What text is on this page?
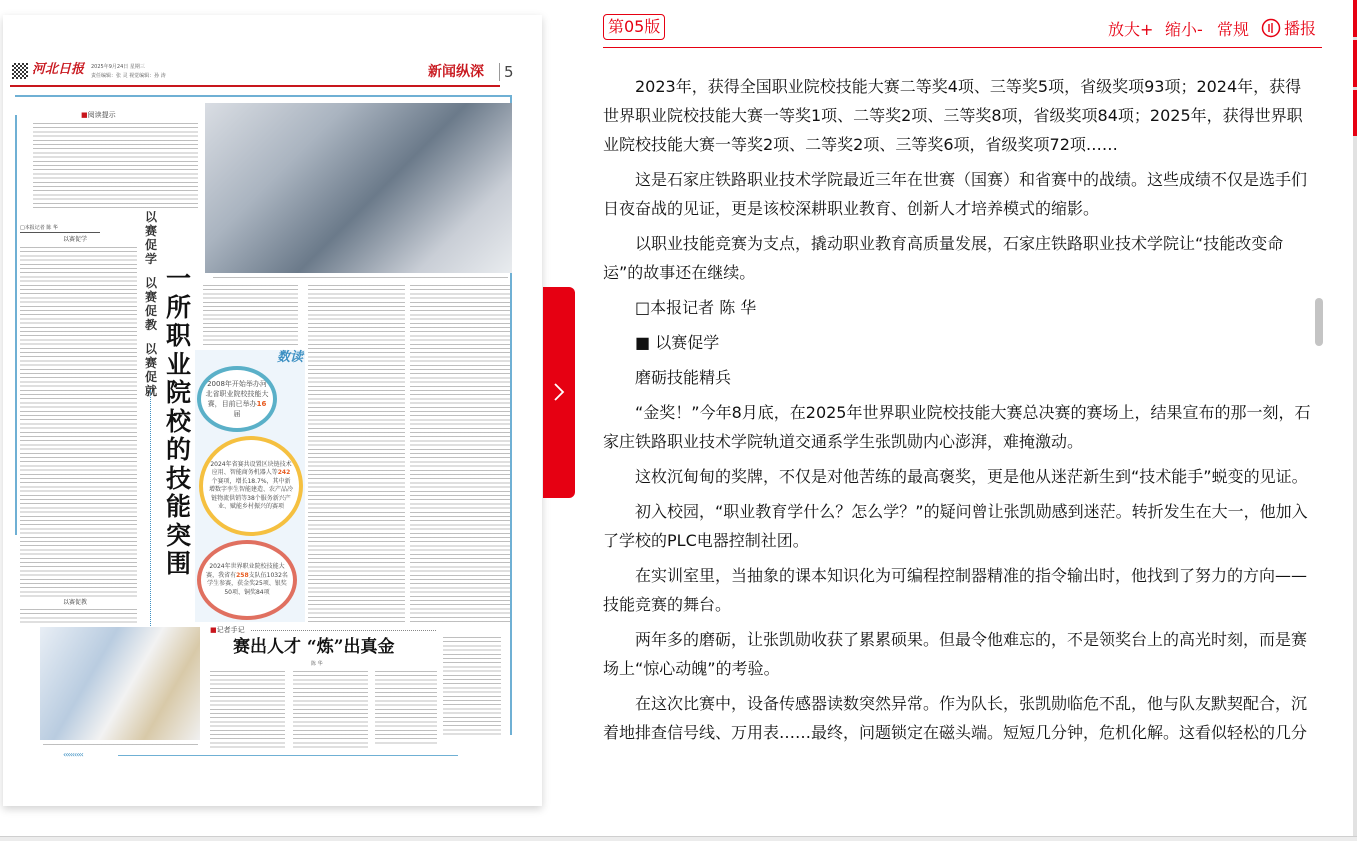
河北日报 2025年9月24日 星期三
责任编辑：张 灵 视觉编辑：孙 涛	新闻纵深	5
■阅读提示
□本报记者 陈 华
以赛促学
以赛促教
以赛促就
一所职业院校的技能突围
以赛促学
以赛促教
数读
2008年开始举办河北省职业院校技能大赛，目前已举办16届
2024年省赛共设置区块链技术应用、智能商务机器人等242个赛项，增长18.7%，其中新增数字孪生智能建造、农产品冷链物流供销等38个服务新兴产业、赋能乡村振兴的赛项
2024年世界职业院校技能大赛，我省有258支队伍1032名学生参赛，获金奖25项、银奖50项、铜奖84项
‹‹‹‹‹‹‹‹‹
■记者手记
赛出人才 “炼”出真金
陈 华
第05版	放大+ 缩小- 常规 播报

2023年，获得全国职业院校技能大赛二等奖4项、三等奖5项，省级奖项93项；2024年，获得世界职业院校技能大赛一等奖1项、二等奖2项、三等奖8项，省级奖项84项；2025年，获得世界职业院校技能大赛一等奖2项、二等奖2项、三等奖6项，省级奖项72项……

这是石家庄铁路职业技术学院最近三年在世赛（国赛）和省赛中的战绩。这些成绩不仅是选手们日夜奋战的见证，更是该校深耕职业教育、创新人才培养模式的缩影。

以职业技能竞赛为支点，撬动职业教育高质量发展，石家庄铁路职业技术学院让“技能改变命运”的故事还在继续。

□本报记者 陈 华

■ 以赛促学

磨砺技能精兵

“金奖！”今年8月底，在2025年世界职业院校技能大赛总决赛的赛场上，结果宣布的那一刻，石家庄铁路职业技术学院轨道交通系学生张凯勋内心澎湃，难掩激动。

这枚沉甸甸的奖牌，不仅是对他苦练的最高褒奖，更是他从迷茫新生到“技术能手”蜕变的见证。

初入校园，“职业教育学什么？怎么学？”的疑问曾让张凯勋感到迷茫。转折发生在大一，他加入了学校的PLC电器控制社团。

在实训室里，当抽象的课本知识化为可编程控制器精准的指令输出时，他找到了努力的方向——技能竞赛的舞台。

两年多的磨砺，让张凯勋收获了累累硕果。但最令他难忘的，不是领奖台上的高光时刻，而是赛场上“惊心动魄”的考验。

在这次比赛中，设备传感器读数突然异常。作为队长，张凯勋临危不乱，他与队友默契配合，沉着地排查信号线、万用表……最终，问题锁定在磁头端。短短几分钟，危机化解。这看似轻松的几分
